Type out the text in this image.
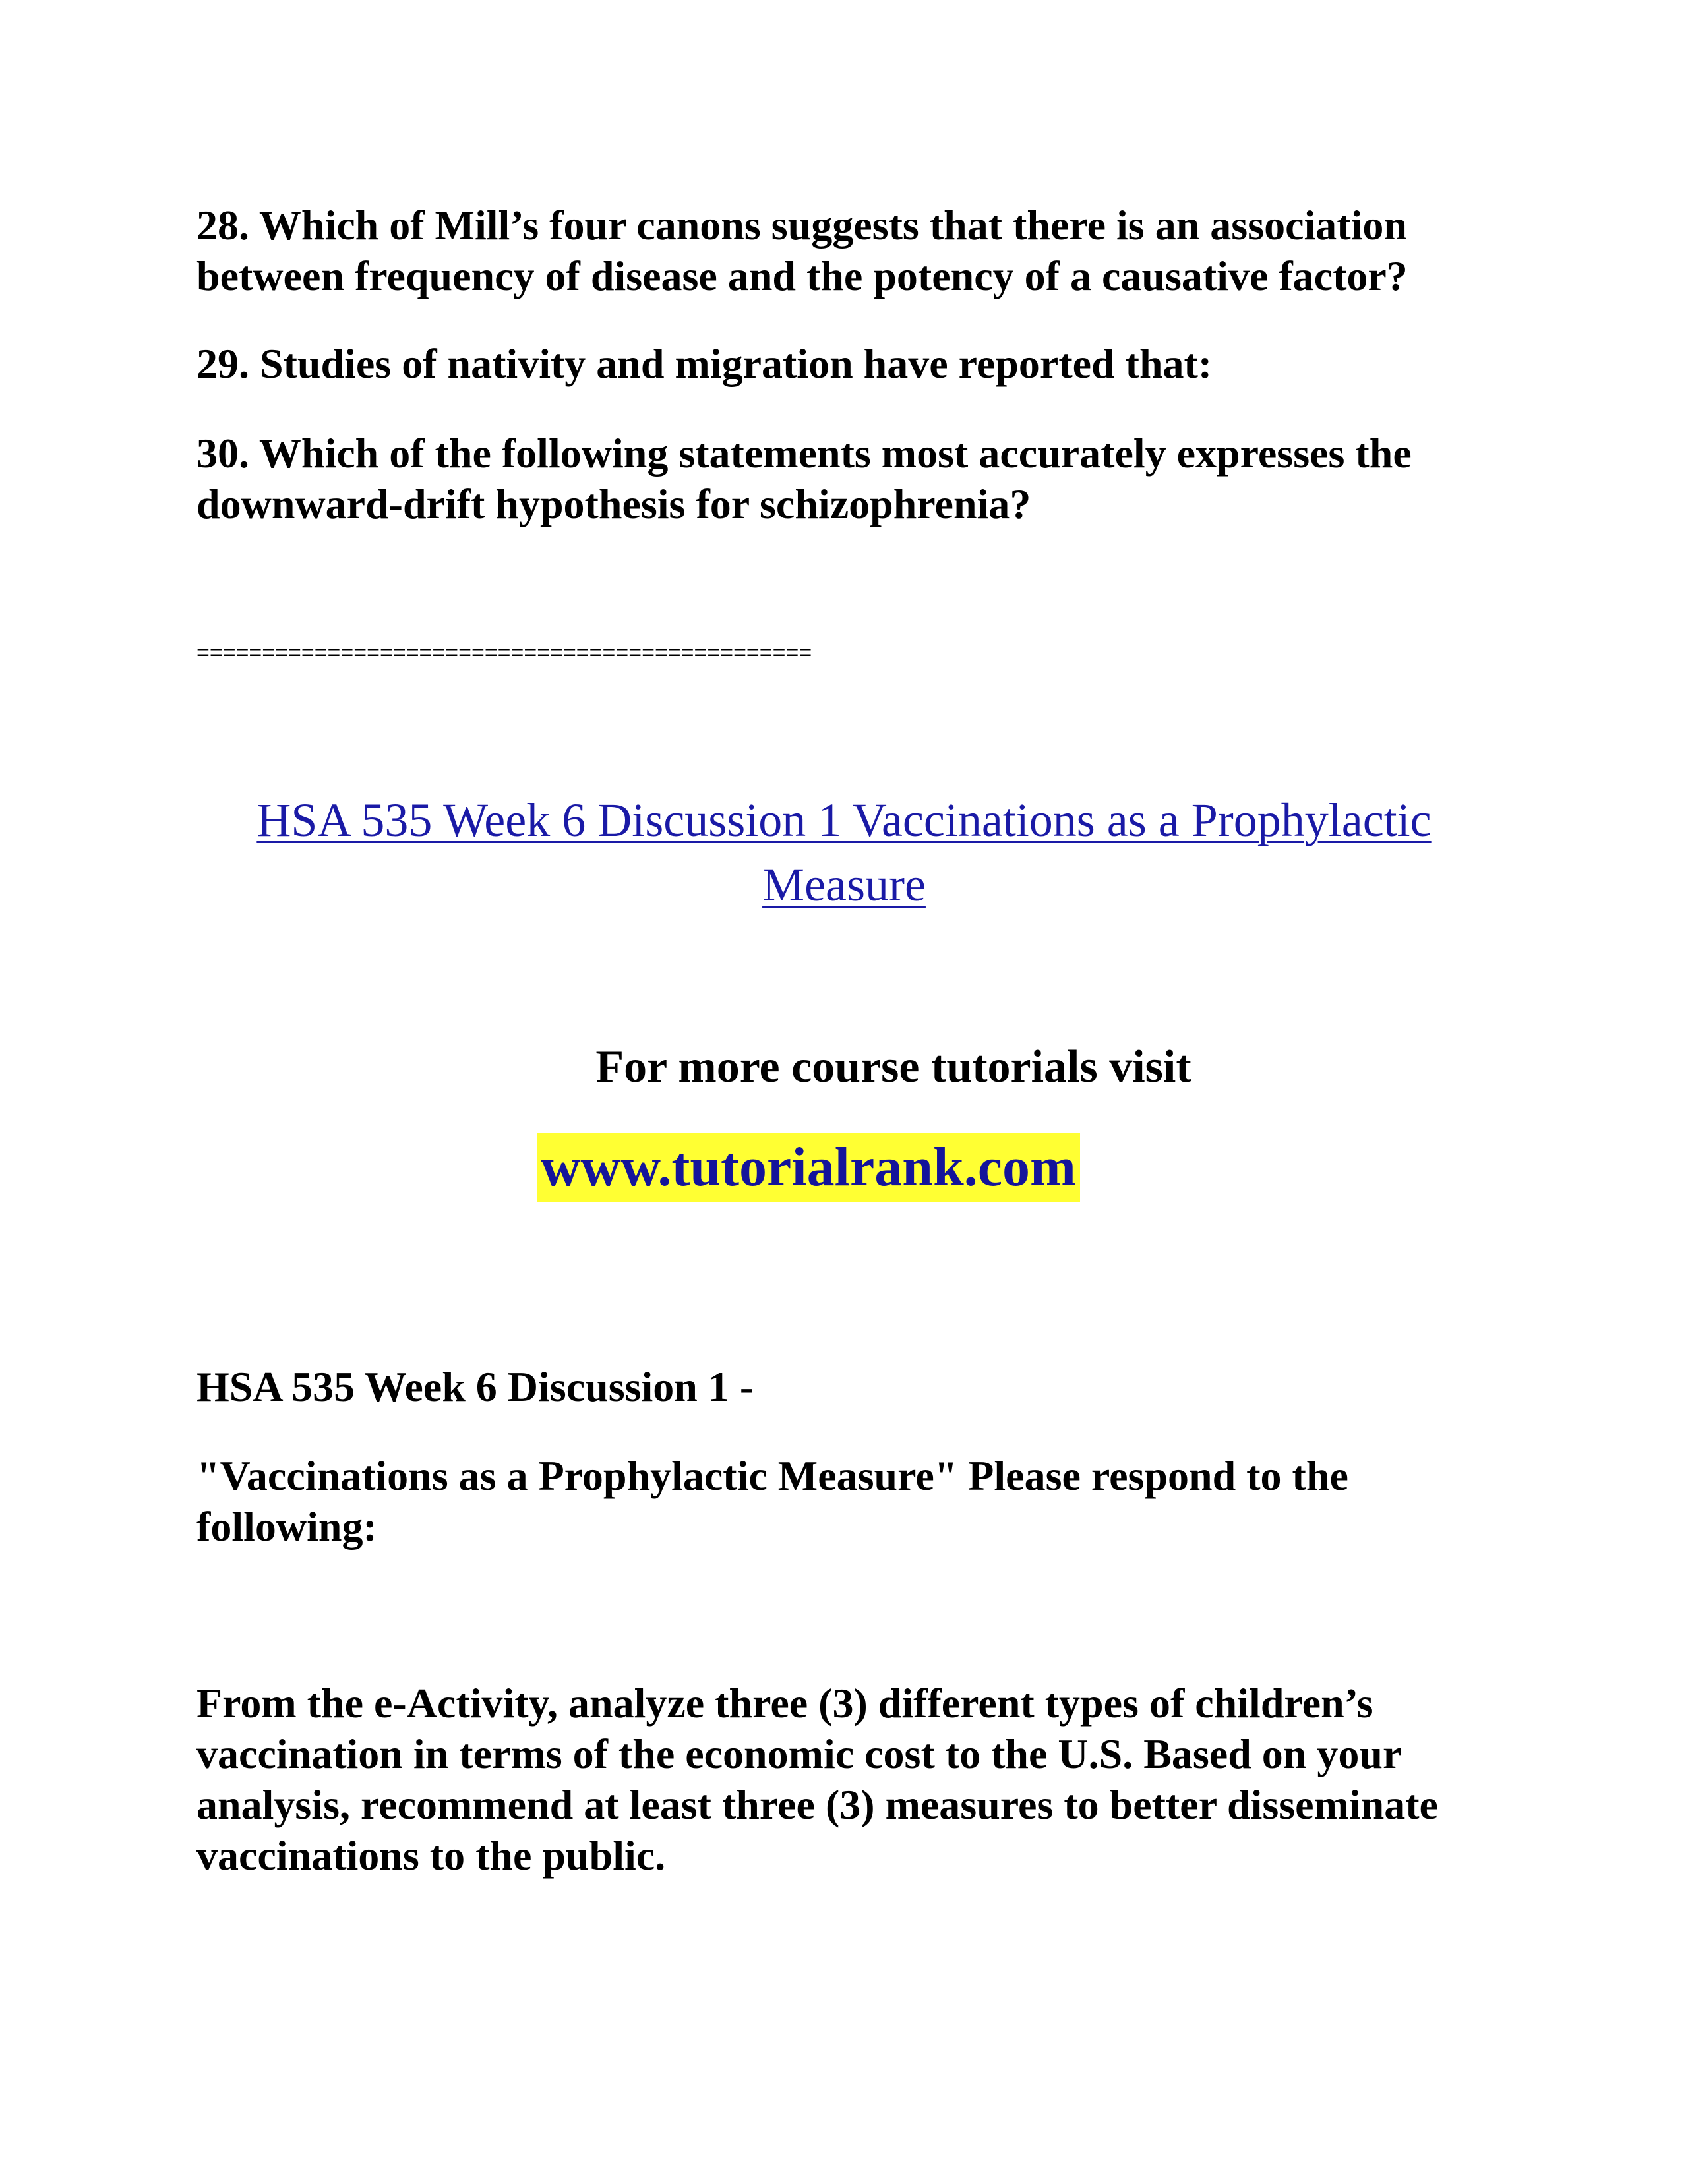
28. Which of Mill’s four canons suggests that there is an association between frequency of disease and the potency of a causative factor?

29. Studies of nativity and migration have reported that:

30. Which of the following statements most accurately expresses the downward-drift hypothesis for schizophrenia?

===============================================

HSA 535 Week 6 Discussion 1 Vaccinations as a Prophylactic Measure

For more course tutorials visit

www.tutorialrank.com

HSA 535 Week 6 Discussion 1 -

"Vaccinations as a Prophylactic Measure" Please respond to the following:

From the e-Activity, analyze three (3) different types of children’s vaccination in terms of the economic cost to the U.S. Based on your analysis, recommend at least three (3) measures to better disseminate vaccinations to the public.
